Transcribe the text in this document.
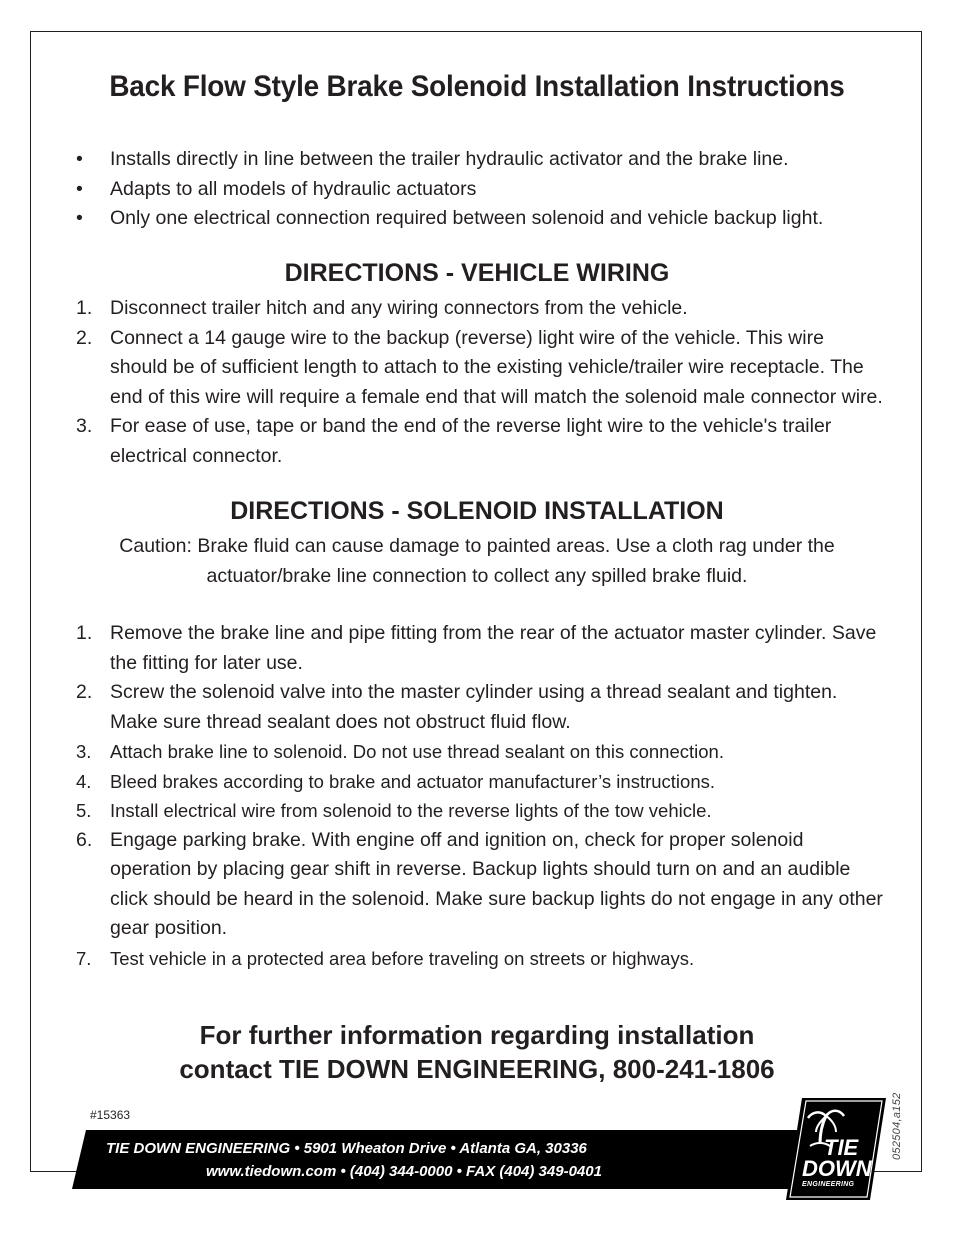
Back Flow Style Brake Solenoid Installation Instructions
• Installs directly in line between the trailer hydraulic activator and the brake line.
• Adapts to all models of hydraulic actuators
• Only one electrical connection required between solenoid and vehicle backup light.
DIRECTIONS - VEHICLE WIRING
1. Disconnect trailer hitch and any wiring connectors from the vehicle.
2. Connect a 14 gauge wire to the backup (reverse) light wire of the vehicle. This wire should be of sufficient length to attach to the existing vehicle/trailer wire receptacle. The end of this wire will require a female end that will match the solenoid male connector wire.
3. For ease of use, tape or band the end of the reverse light wire to the vehicle's trailer electrical connector.
DIRECTIONS - SOLENOID INSTALLATION
Caution: Brake fluid can cause damage to painted areas. Use a cloth rag under the
actuator/brake line connection to collect any spilled brake fluid.
1. Remove the brake line and pipe fitting from the rear of the actuator master cylinder. Save the fitting for later use.
2. Screw the solenoid valve into the master cylinder using a thread sealant and tighten. Make sure thread sealant does not obstruct fluid flow.
3. Attach brake line to solenoid. Do not use thread sealant on this connection.
4. Bleed brakes according to brake and actuator manufacturer’s instructions.
5. Install electrical wire from solenoid to the reverse lights of the tow vehicle.
6. Engage parking brake. With engine off and ignition on, check for proper solenoid operation by placing gear shift in reverse. Backup lights should turn on and an audible click should be heard in the solenoid. Make sure backup lights do not engage in any other gear position.
7. Test vehicle in a protected area before traveling on streets or highways.
For further information regarding installation
contact TIE DOWN ENGINEERING, 800-241-1806
#15363	052504,a152
TIE DOWN ENGINEERING • 5901 Wheaton Drive • Atlanta GA, 30336
www.tiedown.com • (404) 344-0000 • FAX (404) 349-0401
TIE
DOWN
ENGINEERING
